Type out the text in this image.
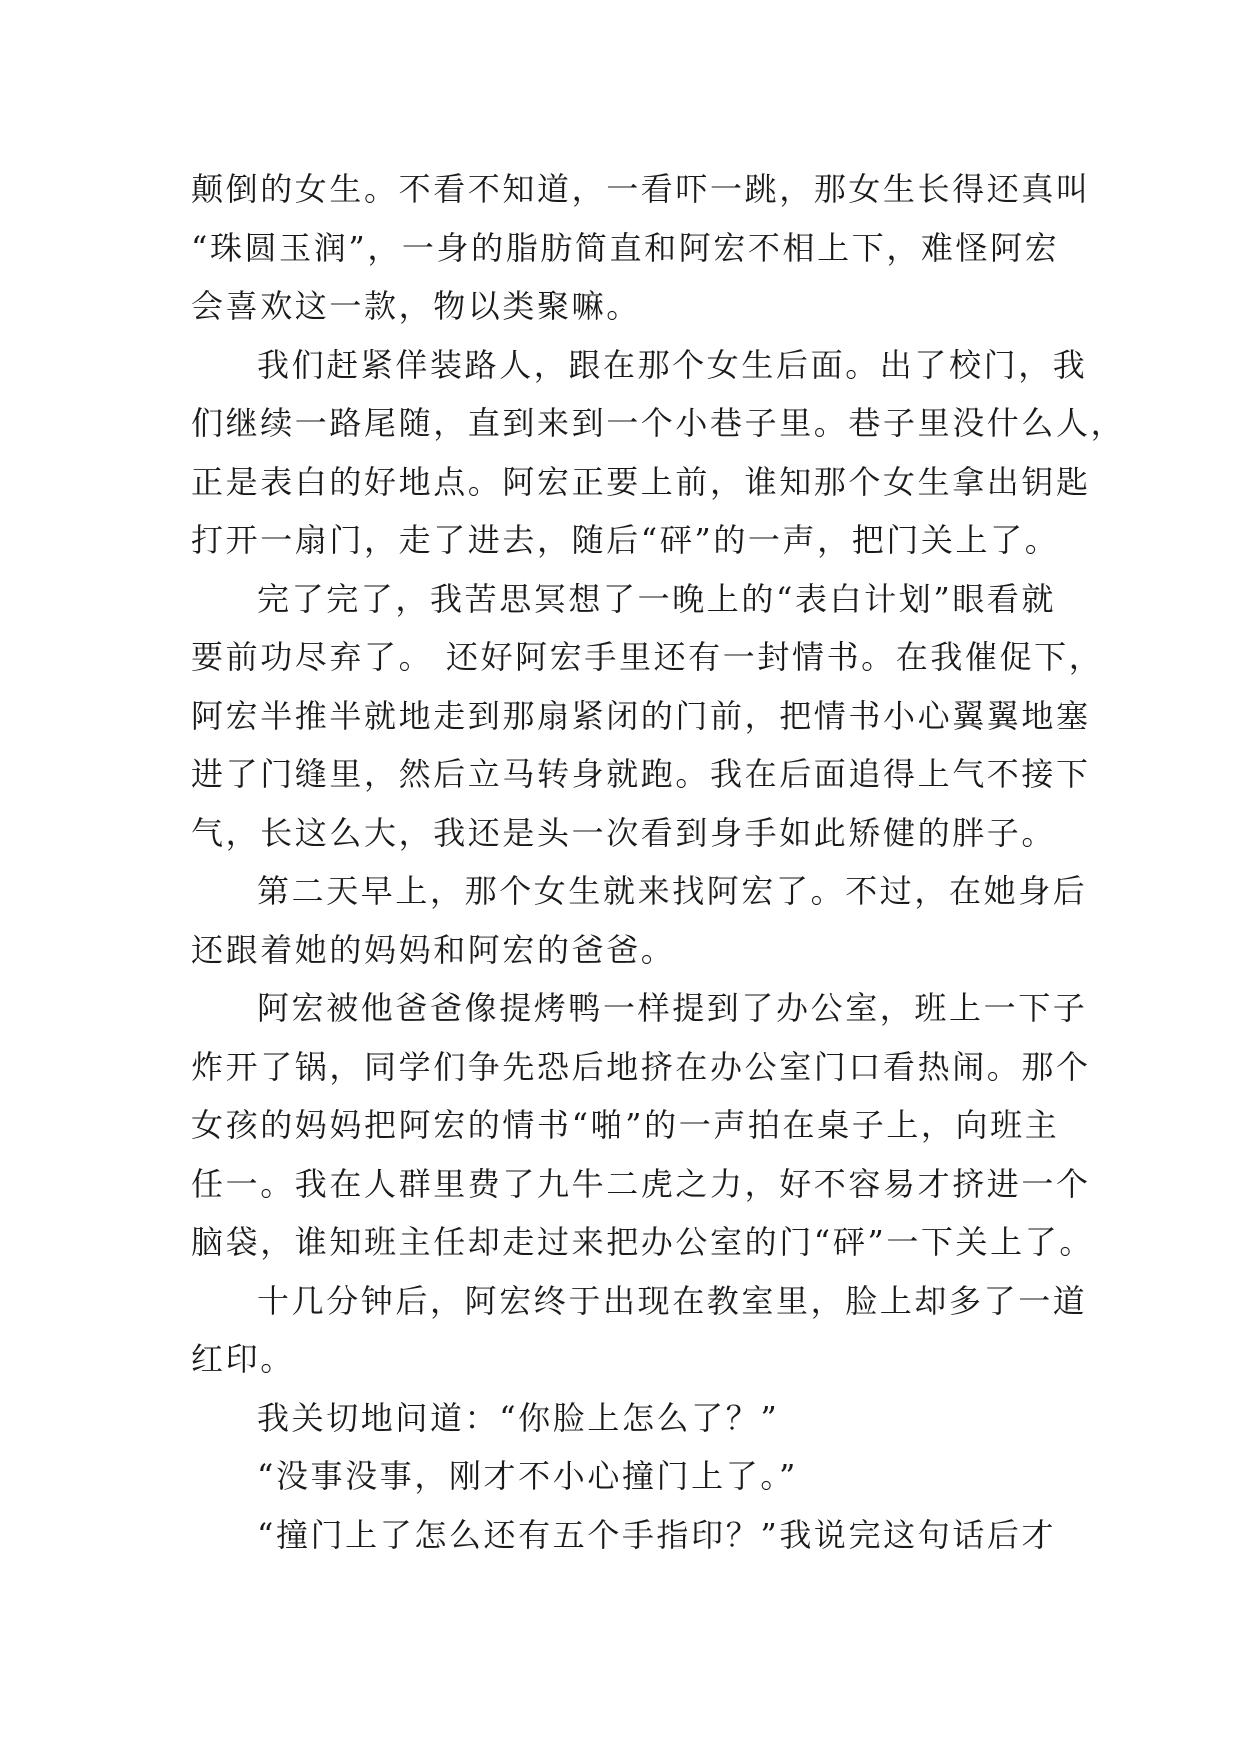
颠倒的女生。不看不知道，一看吓一跳，那女生长得还真叫
“珠圆玉润”，一身的脂肪简直和阿宏不相上下，难怪阿宏
会喜欢这一款，物以类聚嘛。
我们赶紧佯装路人，跟在那个女生后面。出了校门，我
们继续一路尾随，直到来到一个小巷子里。巷子里没什么人，
正是表白的好地点。阿宏正要上前，谁知那个女生拿出钥匙
打开一扇门，走了进去，随后“砰”的一声，把门关上了。
完了完了，我苦思冥想了一晚上的“表白计划”眼看就
要前功尽弃了。 还好阿宏手里还有一封情书。在我催促下，
阿宏半推半就地走到那扇紧闭的门前，把情书小心翼翼地塞
进了门缝里，然后立马转身就跑。我在后面追得上气不接下
气，长这么大，我还是头一次看到身手如此矫健的胖子。
第二天早上，那个女生就来找阿宏了。不过，在她身后
还跟着她的妈妈和阿宏的爸爸。
阿宏被他爸爸像提烤鸭一样提到了办公室，班上一下子
炸开了锅，同学们争先恐后地挤在办公室门口看热闹。那个
女孩的妈妈把阿宏的情书“啪”的一声拍在桌子上，向班主
任一。我在人群里费了九牛二虎之力，好不容易才挤进一个
脑袋，谁知班主任却走过来把办公室的门“砰”一下关上了。
十几分钟后，阿宏终于出现在教室里，脸上却多了一道
红印。
我关切地问道：“你脸上怎么了？”
“没事没事，刚才不小心撞门上了。”
“撞门上了怎么还有五个手指印？”我说完这句话后才
